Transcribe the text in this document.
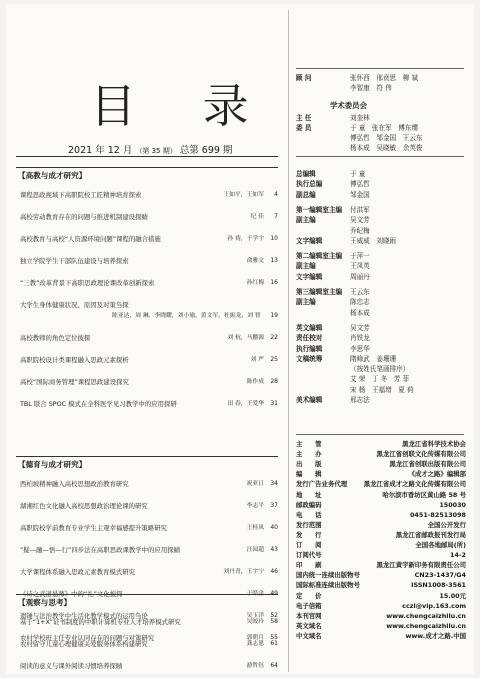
目 录
2021 年 12 月 （第 35 期） 总第 699 期
【高教与成才研究】
课程思政视域下高职院校工匠精神培育探索	王如平，王如军 4
高校劳动教育存在的问题与推进机制建设探赜	纪 佳 7
高校教育与高校“人资源环境问题”课程的融合措施	孙 祷，于学宇 10
独立学院学生干部队伍建设与培养探索	俞雅文 13
“三教”改革背景下高职思政理论课改革创新探索	孙红梅 16
大学生身体健康状况、原因及对策刍探
陈亚达，周 琳，李晓耀，刘小瑜，黄文军，杜振龙，刘 智 19
高校教师的角色定位披探	刘 杭，马鹏源 22
高职院校设计类课程融入思政元素探析	刘 严 25
高校“国际商务管理”课程思政建设探究	陈作成 28
TBL 联合 SPOC 模式在全科医学见习教学中的应用探研	田 春，王爱华 31
【德育与成才研究】
西柏坡精神融入高校思想政治教育研究	祝亚日 34
湖湘红色文化融入高校思想政治理论课的研究	李志平 37
高职院校学前教育专业学生主观幸福感提升策略研究	王桂凤 40
“疑—融—悟—行”四步法在高职思政课教学中的应用探赜	汪园超 43
大学课程体系融入思政元素教育模式研究	刘丹青，王宇宁 46
《诗之武道悬师》中的“礼”文化披探	于皓金 49
遗锤与法治教学中生活化教学模式的运用刍论	吴玉洋 52
农村学校班主任专业认同存在的问题与对策研究	郭朝月 55
【观察与思考】
基于“1+X”证书制度的中职计算机专业人才培养模式研究	吴皎玲 58
农村留守儿童心理健康关爱服务体系构建研究	龚志恩 61
阅读的意义与课外阅读习惯培养探赜	游哲钰 64
顾 问	张怀西　邢贲思　柳 斌
李智康　符 伟
学术委员会
主 任	刘奎林
委 员	于 童　张在军　傅东缨
傅弘哲　邹金国　王云东
杨本成　吴晓敏　余英俊
总编辑	于 童
执行总编	傅弘哲
副总编	邹金国
第一编辑室主编 付洪军
副主编	吴文芳
乔纪梅
文字编辑	王威威　刘晓雨
第二编辑室主编 于萍一
副主编	王凤英
文字编辑	周丽丹
第三编辑室主编 王云东
副主编	陈忠志
杨本成
英文编辑	吴文芳
责任校对	肖铁龙
执行编辑	李思华
文稿统筹	隋峰武　姜珊珊
（按姓氏笔画排序）
艾 荣　丁 冬　芳 菲
宋 杨　王福增　夏 荷
美术编辑	邢志法
主　　管	黑龙江省科学技术协会
主　　办	黑龙江省创联文化传媒有限公司
出　　版	黑龙江省创联出版有限公司
编　　辑	《成才之路》编辑部
发行广告业务代理	黑龙江省成才之路文化传媒有限公司
地　　址	哈尔滨市香坊区黄山路 58 号
邮政编码	150030
电　　话	0451-82513098
发行范围	全国公开发行
发　　行	黑龙江省邮政报刊发行局
订　　阅	全国各地邮局(所)
订阅代号	14-2
印　　刷	黑龙江黄宇新印务有限责任公司
国内统一连续出版物号	CN23-1437/G4
国际标准连续出版物号	ISSN1008-3561
定　　价	15.00元
电子信箱	cczl@vip.163.com
本刊官网	www.chengcaizhilu.cn
英文域名	www.chengcaizhilu.cn
中文域名	www.成才之路.中国
